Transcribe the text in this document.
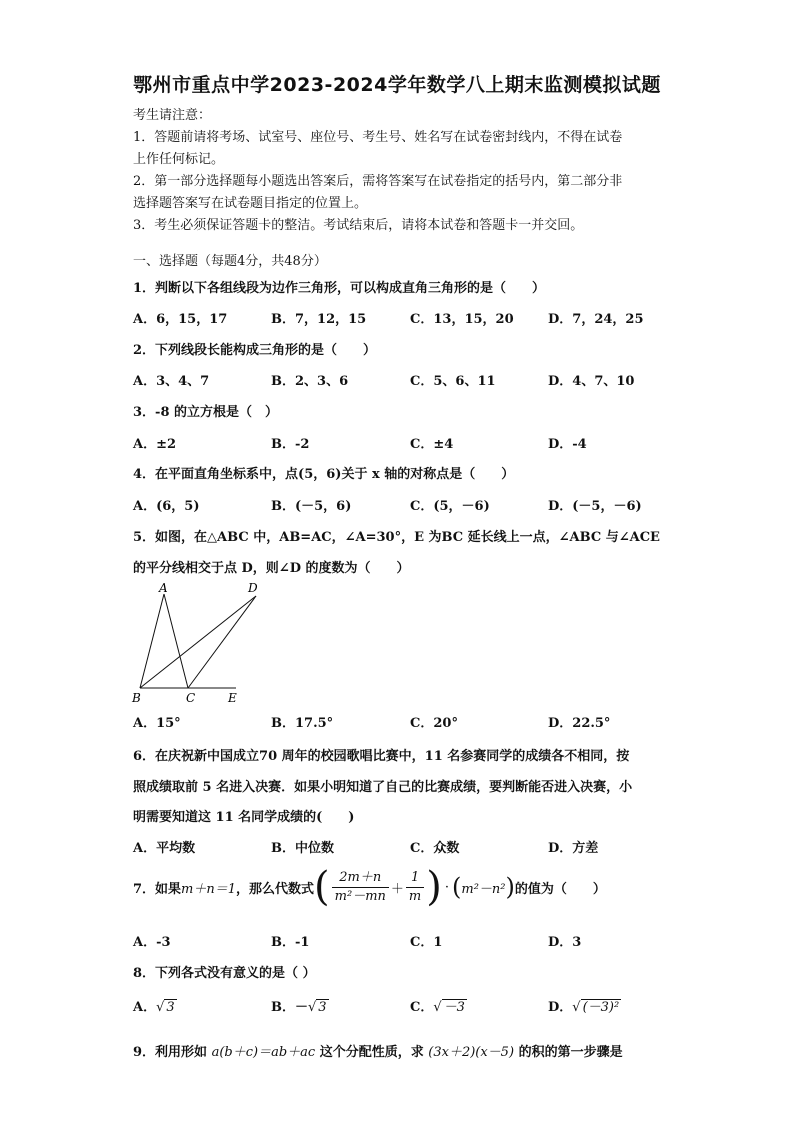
鄂州市重点中学2023-2024学年数学八上期末监测模拟试题
考生请注意：
1．答题前请将考场、试室号、座位号、考生号、姓名写在试卷密封线内，不得在试卷
上作任何标记。
2．第一部分选择题每小题选出答案后，需将答案写在试卷指定的括号内，第二部分非
选择题答案写在试卷题目指定的位置上。
3．考生必须保证答题卡的整洁。考试结束后，请将本试卷和答题卡一并交回。
一、选择题（每题4分，共48分）
1．判断以下各组线段为边作三角形，可以构成直角三角形的是（　　）
A．6，15，17	B．7，12，15	C．13，15，20	D．7，24，25
2．下列线段长能构成三角形的是（　　）
A．3、4、7	B．2、3、6	C．5、6、11	D．4、7、10
3．-8 的立方根是（　）
A．±2	B．-2	C．±4	D．-4
4．在平面直角坐标系中，点(5，6)关于 x 轴的对称点是（　　）
A．(6，5)	B．(－5，6)	C．(5，－6)	D．(－5，－6)
5．如图，在△ABC 中，AB=AC，∠A=30°，E 为BC 延长线上一点，∠ABC 与∠ACE
的平分线相交于点 D，则∠D 的度数为（　　）
A	D
B	C	E
A．15°	B．17.5°	C．20°	D．22.5°
6．在庆祝新中国成立70 周年的校园歌唱比赛中，11 名参赛同学的成绩各不相同，按
照成绩取前 5 名进入决赛．如果小明知道了自己的比赛成绩，要判断能否进入决赛，小
明需要知道这 11 名同学成绩的(　　)
A．平均数	B．中位数	C．众数	D．方差
7．如果 m＋n＝1 ，那么代数式 ( $\frac{2m+n}{\text{m²－mn}} + \frac{1}{m}$ ) · ( m²－n² ) 的值为（　　）
A．-3	B．-1	C．1	D．3
8．下列各式没有意义的是（ ）
A．√ 3	B．－√ 3	C．√ －3	D．√ (－3)²
9．利用形如 a(b＋c)＝ab＋ac 这个分配性质，求 (3x＋2)(x－5) 的积的第一步骤是
